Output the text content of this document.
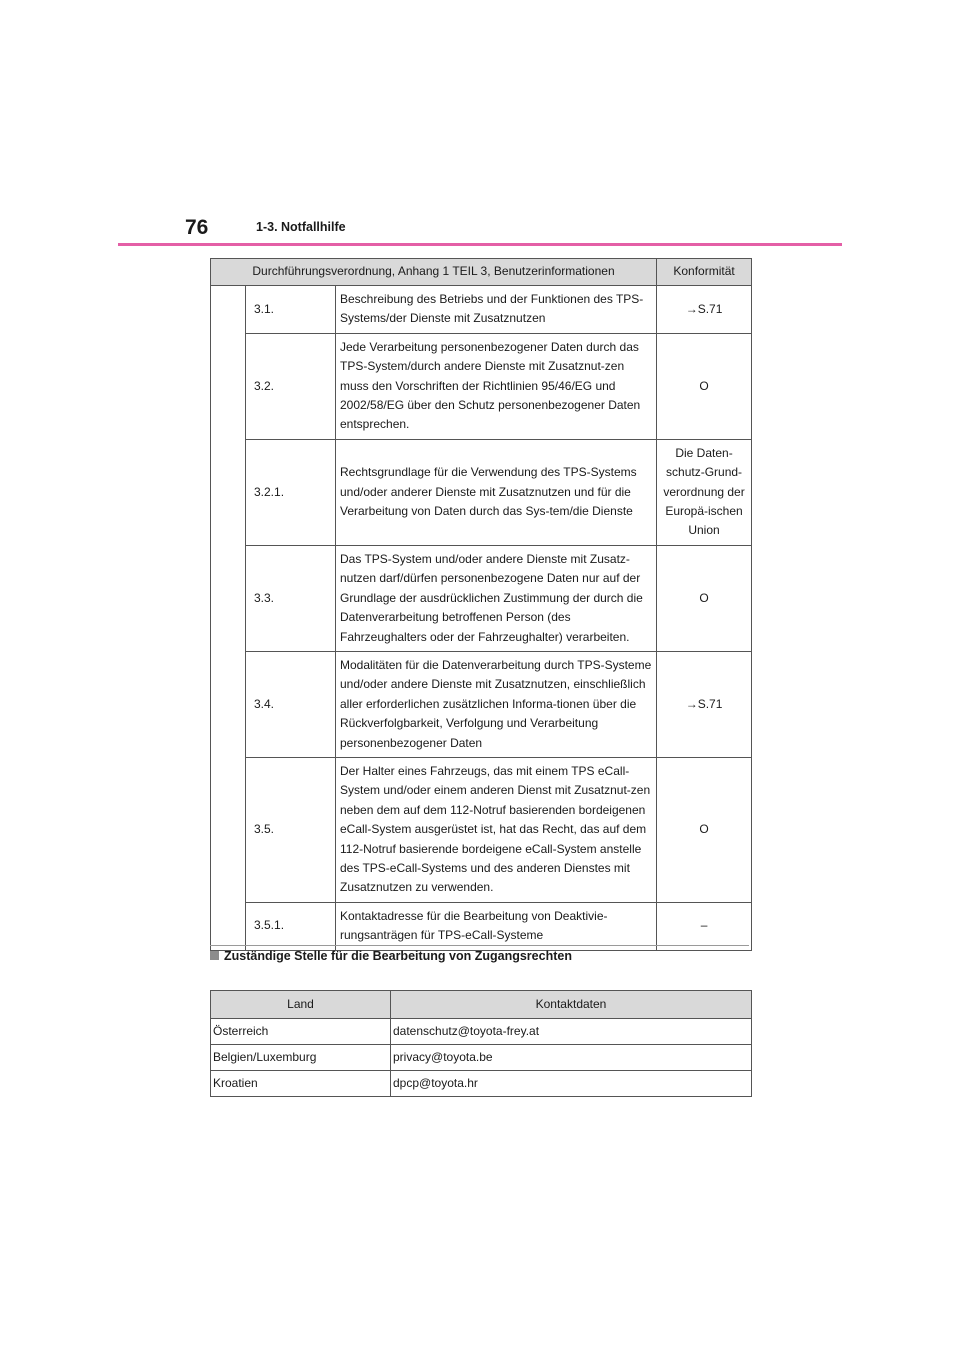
76	1-3. Notfallhilfe
Durchführungsverordnung, Anhang 1 TEIL 3, Benutzerinformationen			Konformität
	3.1.	Beschreibung des Betriebs und der Funktionen des TPS-Systems/der Dienste mit Zusatznutzen	→S.71
	3.2.	Jede Verarbeitung personenbezogener Daten durch das TPS-System/durch andere Dienste mit Zusatznut-zen muss den Vorschriften der Richtlinien 95/46/EG und 2002/58/EG über den Schutz personenbezogener Daten entsprechen.	O
	3.2.1.	Rechtsgrundlage für die Verwendung des TPS-Systems und/oder anderer Dienste mit Zusatznutzen und für die Verarbeitung von Daten durch das Sys-tem/die Dienste	Die Daten-schutz-Grund-verordnung der Europä-ischen Union
	3.3.	Das TPS-System und/oder andere Dienste mit Zusatz-nutzen darf/dürfen personenbezogene Daten nur auf der Grundlage der ausdrücklichen Zustimmung der durch die Datenverarbeitung betroffenen Person (des Fahrzeughalters oder der Fahrzeughalter) verarbeiten.	O
	3.4.	Modalitäten für die Datenverarbeitung durch TPS-Systeme und/oder andere Dienste mit Zusatznutzen, einschließlich aller erforderlichen zusätzlichen Informa-tionen über die Rückverfolgbarkeit, Verfolgung und Verarbeitung personenbezogener Daten	→S.71
	3.5.	Der Halter eines Fahrzeugs, das mit einem TPS eCall-System und/oder einem anderen Dienst mit Zusatznut-zen neben dem auf dem 112-Notruf basierenden bordeigenen eCall-System ausgerüstet ist, hat das Recht, das auf dem 112-Notruf basierende bordeigene eCall-System anstelle des TPS-eCall-Systems und des anderen Dienstes mit Zusatznutzen zu verwenden.	O
	3.5.1.	Kontaktadresse für die Bearbeitung von Deaktivie-rungsanträgen für TPS-eCall-Systeme	–
Zuständige Stelle für die Bearbeitung von Zugangsrechten
Land	Kontaktdaten
Österreich	datenschutz@toyota-frey.at
Belgien/Luxemburg	privacy@toyota.be
Kroatien	dpcp@toyota.hr
